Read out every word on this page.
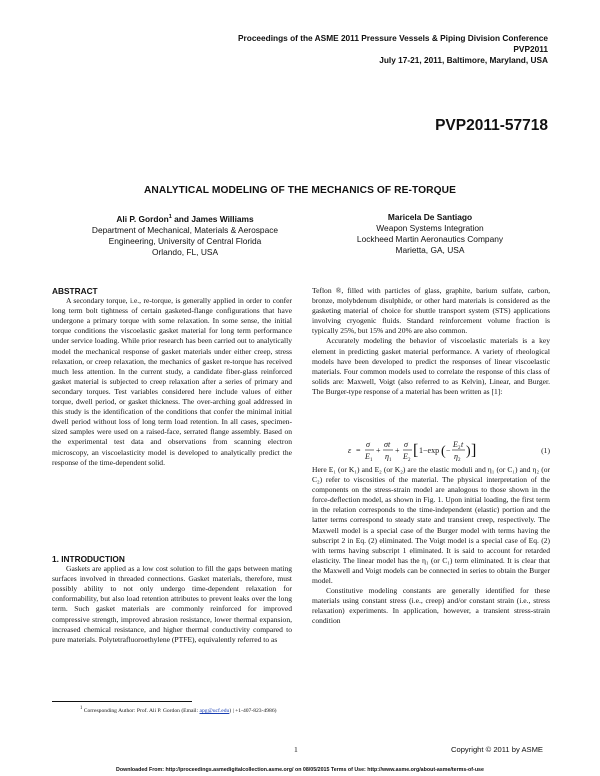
Proceedings of the ASME 2011 Pressure Vessels & Piping Division Conference
PVP2011
July 17-21, 2011, Baltimore, Maryland, USA
PVP2011-57718
ANALYTICAL MODELING OF THE MECHANICS OF RE-TORQUE
Ali P. Gordon$^1$ and James Williams
Department of Mechanical, Materials & Aerospace
Engineering, University of Central Florida
Orlando, FL, USA
Maricela De Santiago
Weapon Systems Integration
Lockheed Martin Aeronautics Company
Marietta, GA, USA
ABSTRACT

A secondary torque, i.e., re-torque, is generally applied in order to confer long term bolt tightness of certain gasketed-flange configurations that have undergone a primary torque with some relaxation. In some sense, the initial torque conditions the viscoelastic gasket material for long term performance under service loading. While prior research has been carried out to analytically model the mechanical response of gasket materials under either creep, stress relaxation, or creep relaxation, the mechanics of gasket re-torque has received much less attention. In the current study, a candidate fiber-glass reinforced gasket material is subjected to creep relaxation after a series of primary and secondary torques. Test variables considered here include values of either torque, dwell period, or gasket thickness. The over-arching goal addressed in this study is the identification of the conditions that confer the minimal initial dwell period without loss of long term load retention. In all cases, specimen-sized samples were used on a raised-face, serrated flange assembly. Based on the experimental test data and observations from scanning electron microscopy, an viscoelasticity model is developed to analytically predict the response of the time-dependent solid.

1. INTRODUCTION

Gaskets are applied as a low cost solution to fill the gaps between mating surfaces involved in threaded connections. Gasket materials, therefore, must possibly ability to not only undergo time-dependent relaxation for conformability, but also load retention attributes to prevent leaks over the long term. Such gasket materials are commonly reinforced for improved compressive strength, improved abrasion resistance, lower thermal expansion, increased chemical resistance, and higher thermal conductivity compared to pure materials. Polytetrafluoroethylene (PTFE), equivalently referred to as

Teflon ®, filled with particles of glass, graphite, barium sulfate, carbon, bronze, molybdenum disulphide, or other hard materials is considered as the gasketing material of choice for shuttle transport system (STS) applications involving cryogenic fluids. Standard reinforcement volume fraction is typically 25%, but 15% and 20% are also common.

Accurately modeling the behavior of viscoelastic materials is a key element in predicting gasket material performance. A variety of rheological models have been developed to predict the responses of linear viscoelastic materials. Four common models used to correlate the response of this class of solids are: Maxwell, Voigt (also referred to as Kelvin), Linear, and Burger. The Burger-type response of a material has been written as [1]:

ε =
σ
E 1
+
σt
η 1
+
σ
E 2
[ 1−exp ( −
E 2 t
η 2
) ]	(1)

Here E₁ (or K₁) and E₂ (or K₂) are the elastic moduli and η₁ (or C₁) and η₂ (or C₂) refer to viscosities of the material. The physical interpretation of the components on the stress-strain model are analogous to those shown in the force-deflection model, as shown in Fig. 1. Upon initial loading, the first term in the relation corresponds to the time-independent (elastic) portion and the latter terms correspond to steady state and transient creep, respectively. The Maxwell model is a special case of the Burger model with terms having the subscript 2 in Eq. (2) eliminated. The Voigt model is a special case of Eq. (2) with terms having subscript 1 eliminated. It is said to account for retarded elasticity. The linear model has the η₁ (or C₁) term eliminated. It is clear that the Maxwell and Voigt models can be connected in series to obtain the Burger model.

Constitutive modeling constants are generally identified for these materials using constant stress (i.e., creep) and/or constant strain (i.e., stress relaxation) experiments. In application, however, a transient stress-strain condition

$^1$ Corresponding Author: Prof. Ali P. Gordon (Email: apg@ucf.edu) | +1-407-823-4986)
1	Copyright © 2011 by ASME
Downloaded From: http://proceedings.asmedigitalcollection.asme.org/ on 08/05/2015 Terms of Use: http://www.asme.org/about-asme/terms-of-use
